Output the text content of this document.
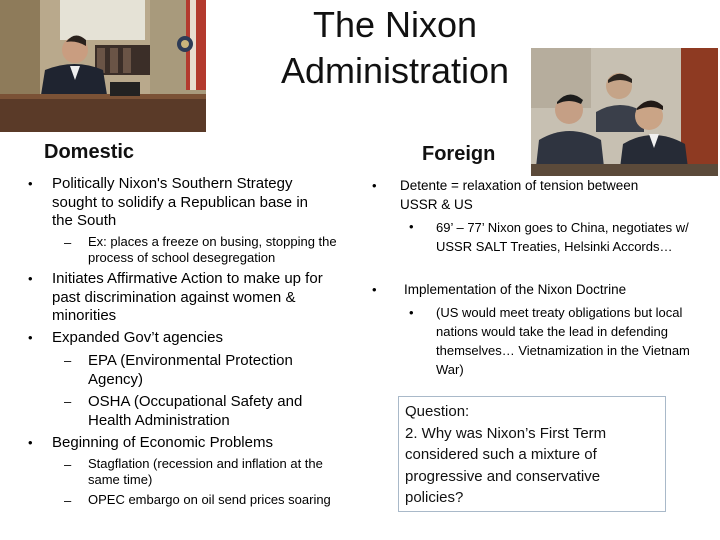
The Nixon
Administration
Domestic
• Politically Nixon's Southern Strategy sought to solidify a Republican base in the South
– Ex: places a freeze on busing, stopping the process of school desegregation
• Initiates Affirmative Action to make up for past discrimination against women & minorities
• Expanded Gov’t agencies
– EPA (Environmental Protection Agency)
– OSHA (Occupational Safety and Health Administration
• Beginning of Economic Problems
– Stagflation (recession and inflation at the same time)
– OPEC embargo on oil send prices soaring
Foreign
• Detente = relaxation of tension between USSR & US
• 69’ – 77’ Nixon goes to China, negotiates w/ USSR SALT Treaties, Helsinki Accords…
• Implementation of the Nixon Doctrine
• (US would meet treaty obligations but local nations would take the lead in defending themselves… Vietnamization in the Vietnam War)
Question:
2. Why was Nixon’s First Term considered such a mixture of progressive and conservative policies?
